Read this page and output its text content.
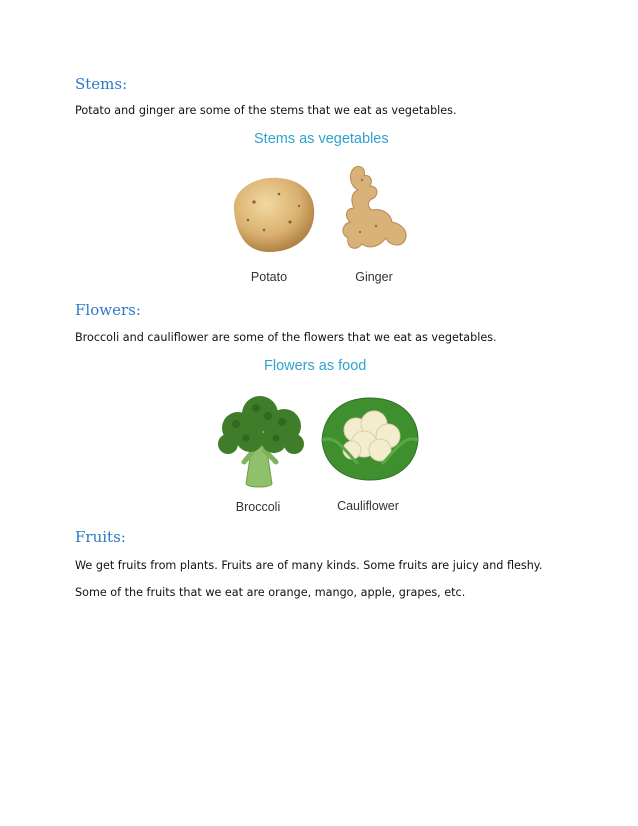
Stems:

Potato and ginger are some of the stems that we eat as vegetables.

Stems as vegetables
Potato	Ginger
Flowers:

Broccoli and cauliflower are some of the flowers that we eat as vegetables.

Flowers as food
Broccoli	Cauliflower
Fruits:

We get fruits from plants. Fruits are of many kinds. Some fruits are juicy and fleshy.

Some of the fruits that we eat are orange, mango, apple, grapes, etc.
